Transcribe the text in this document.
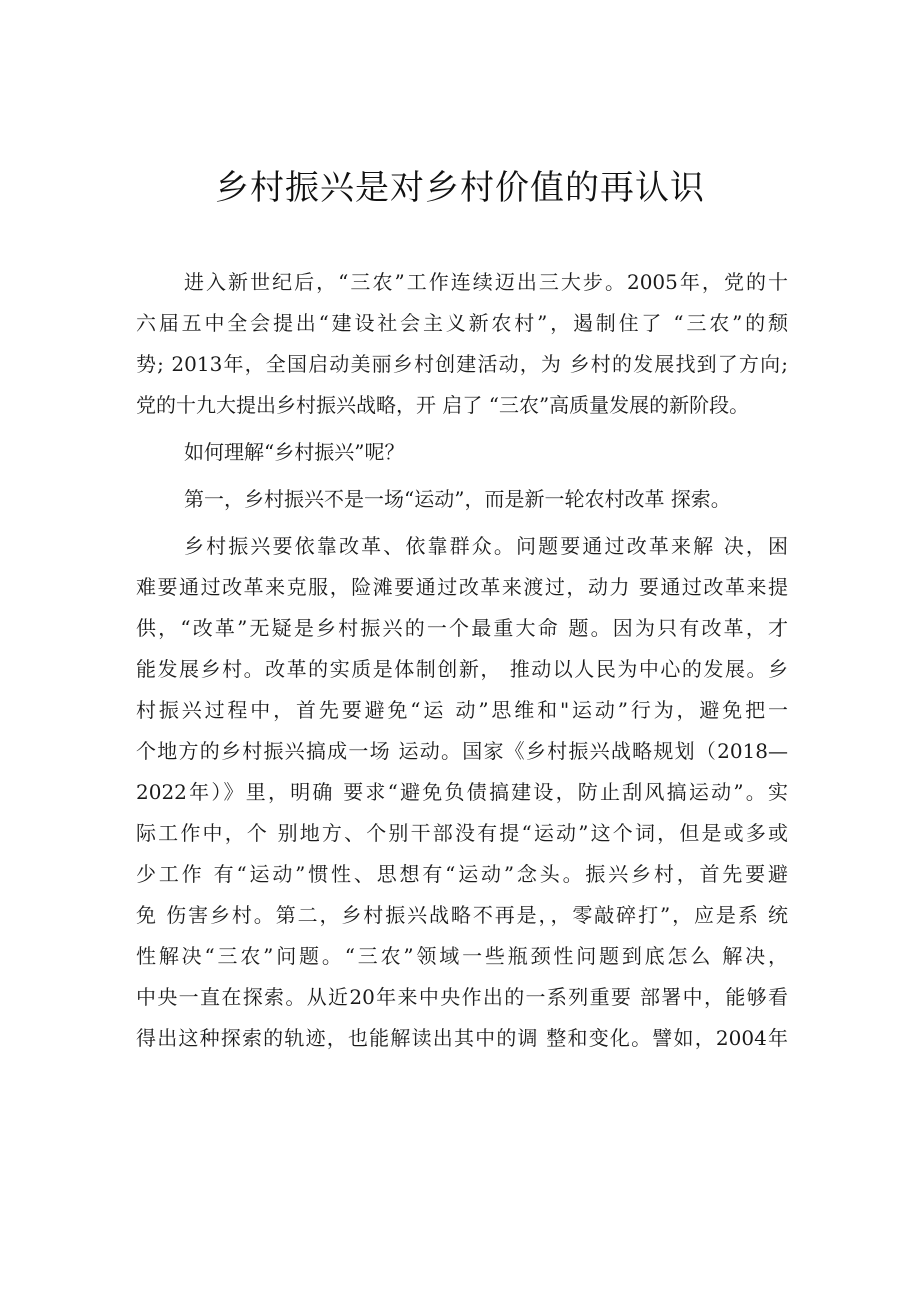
乡村振兴是对乡村价值的再认识
进入新世纪后，“三农”工作连续迈出三大步。2005年，党的十
六届五中全会提出“建设社会主义新农村”，遏制住了 “三农”的颓
势; 2013年，全国启动美丽乡村创建活动，为 乡村的发展找到了方向;
党的十九大提出乡村振兴战略，开 启了 “三农”高质量发展的新阶段。
如何理解“乡村振兴”呢？
第一，乡村振兴不是一场“运动”，而是新一轮农村改革 探索。
乡村振兴要依靠改革、依靠群众。问题要通过改革来解 决，困
难要通过改革来克服，险滩要通过改革来渡过，动力 要通过改革来提
供，“改革”无疑是乡村振兴的一个最重大命 题。因为只有改革，才
能发展乡村。改革的实质是体制创新， 推动以人民为中心的发展。乡
村振兴过程中，首先要避免“运 动”思维和"运动”行为，避免把一
个地方的乡村振兴搞成一场 运动。国家《乡村振兴战略规划（2018—
2022年）》里，明确 要求“避免负债搞建设，防止刮风搞运动”。实
际工作中，个 别地方、个别干部没有提“运动”这个词，但是或多或
少工作 有“运动”惯性、思想有“运动”念头。振兴乡村，首先要避
免 伤害乡村。第二，乡村振兴战略不再是，，零敲碎打”，应是系 统
性解决“三农”问题。“三农”领域一些瓶颈性问题到底怎么 解决，
中央一直在探索。从近20年来中央作出的一系列重要 部署中，能够看
得出这种探索的轨迹，也能解读出其中的调 整和变化。譬如，2004年
